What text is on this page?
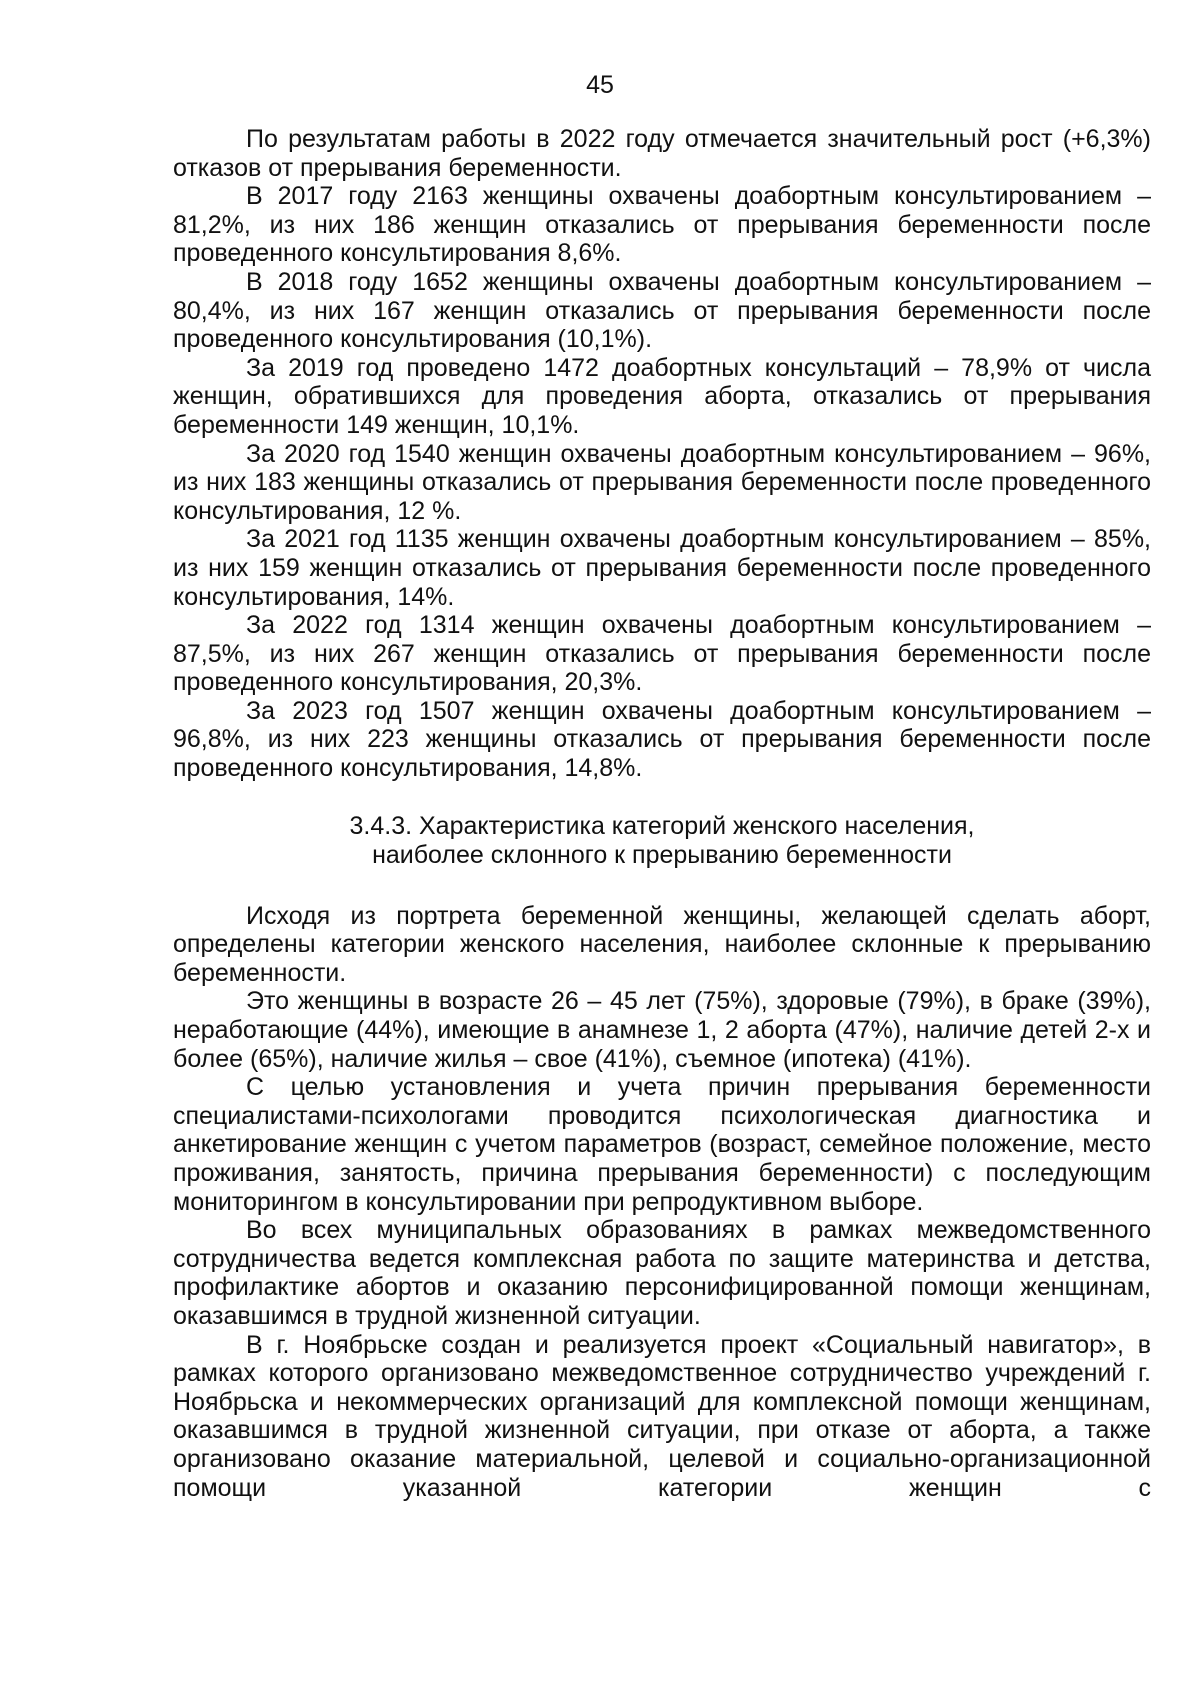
45

По результатам работы в 2022 году отмечается значительный рост (+6,3%) отказов от прерывания беременности.

В 2017 году 2163 женщины охвачены доабортным консультированием – 81,2%, из них 186 женщин отказались от прерывания беременности после проведенного консультирования 8,6%.

В 2018 году 1652 женщины охвачены доабортным консультированием – 80,4%, из них 167 женщин отказались от прерывания беременности после проведенного консультирования (10,1%).

За 2019 год проведено 1472 доабортных консультаций – 78,9% от числа женщин, обратившихся для проведения аборта, отказались от прерывания беременности 149 женщин, 10,1%.

За 2020 год 1540 женщин охвачены доабортным консультированием – 96%, из них 183 женщины отказались от прерывания беременности после проведенного консультирования, 12 %.

За 2021 год 1135 женщин охвачены доабортным консультированием – 85%, из них 159 женщин отказались от прерывания беременности после проведенного консультирования, 14%.

За 2022 год 1314 женщин охвачены доабортным консультированием – 87,5%, из них 267 женщин отказались от прерывания беременности после проведенного консультирования, 20,3%.

За 2023 год 1507 женщин охвачены доабортным консультированием – 96,8%, из них 223 женщины отказались от прерывания беременности после проведенного консультирования, 14,8%.

3.4.3. Характеристика категорий женского населения,
наиболее склонного к прерыванию беременности

Исходя из портрета беременной женщины, желающей сделать аборт, определены категории женского населения, наиболее склонные к прерыванию беременности.

Это женщины в возрасте 26 – 45 лет (75%), здоровые (79%), в браке (39%), неработающие (44%), имеющие в анамнезе 1, 2 аборта (47%), наличие детей 2-х и более (65%), наличие жилья – свое (41%), съемное (ипотека) (41%).

С целью установления и учета причин прерывания беременности специалистами-психологами проводится психологическая диагностика и анкетирование женщин с учетом параметров (возраст, семейное положение, место проживания, занятость, причина прерывания беременности) с последующим мониторингом в консультировании при репродуктивном выборе.

Во всех муниципальных образованиях в рамках межведомственного сотрудничества ведется комплексная работа по защите материнства и детства, профилактике абортов и оказанию персонифицированной помощи женщинам, оказавшимся в трудной жизненной ситуации.

В г. Ноябрьске создан и реализуется проект «Социальный навигатор», в рамках которого организовано межведомственное сотрудничество учреждений г. Ноябрьска и некоммерческих организаций для комплексной помощи женщинам, оказавшимся в трудной жизненной ситуации, при отказе от аборта, а также организовано оказание материальной, целевой и социально-организационной помощи указанной категории женщин с
